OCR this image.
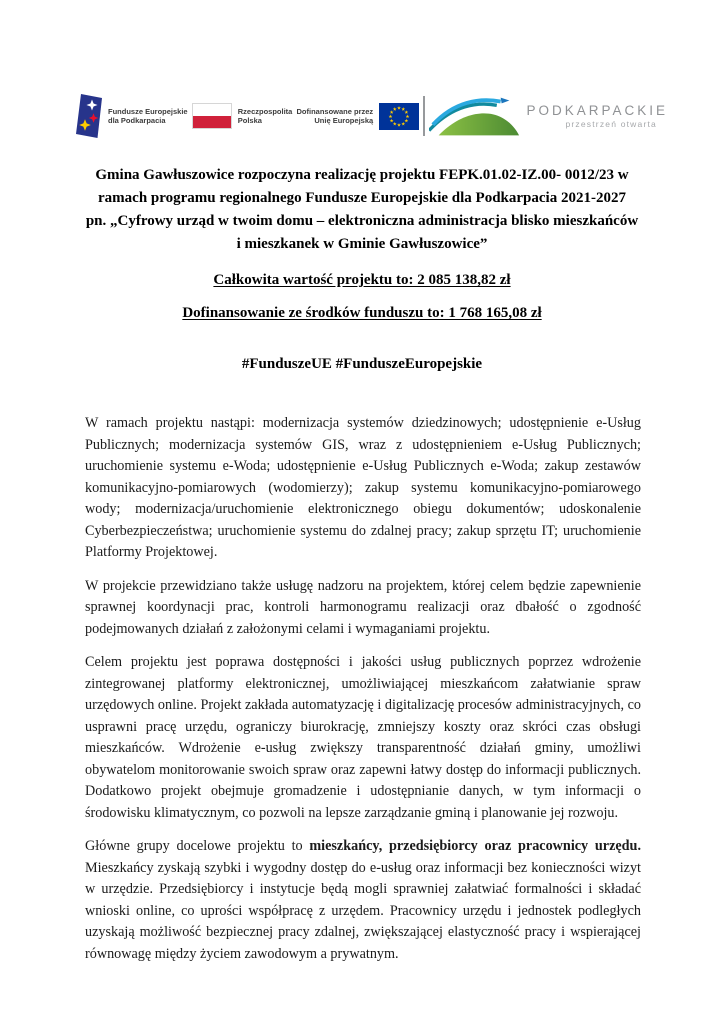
Fundusze Europejskie
dla Podkarpacia
Rzeczpospolita
Polska
Dofinansowane przez
Unię Europejską
PODKARPACKIE
przestrzeń otwarta
Gmina Gawłuszowice rozpoczyna realizację projektu FEPK.01.02-IZ.00- 0012/23 w
ramach programu regionalnego Fundusze Europejskie dla Podkarpacia 2021-2027
pn. „Cyfrowy urząd w twoim domu – elektroniczna administracja blisko mieszkańców
i mieszkanek w Gminie Gawłuszowice”

Całkowita wartość projektu to: 2 085 138,82 zł

Dofinansowanie ze środków funduszu to: 1 768 165,08 zł

#FunduszeUE #FunduszeEuropejskie

W ramach projektu nastąpi: modernizacja systemów dziedzinowych; udostępnienie e-Usług Publicznych; modernizacja systemów GIS, wraz z udostępnieniem e-Usług Publicznych; uruchomienie systemu e-Woda; udostępnienie e-Usług Publicznych e-Woda; zakup zestawów komunikacyjno-pomiarowych (wodomierzy); zakup systemu komunikacyjno-pomiarowego wody; modernizacja/uruchomienie elektronicznego obiegu dokumentów; udoskonalenie Cyberbezpieczeństwa; uruchomienie systemu do zdalnej pracy; zakup sprzętu IT; uruchomienie Platformy Projektowej.

W projekcie przewidziano także usługę nadzoru na projektem, której celem będzie zapewnienie sprawnej koordynacji prac, kontroli harmonogramu realizacji oraz dbałość o zgodność podejmowanych działań z założonymi celami i wymaganiami projektu.

Celem projektu jest poprawa dostępności i jakości usług publicznych poprzez wdrożenie zintegrowanej platformy elektronicznej, umożliwiającej mieszkańcom załatwianie spraw urzędowych online. Projekt zakłada automatyzację i digitalizację procesów administracyjnych, co usprawni pracę urzędu, ograniczy biurokrację, zmniejszy koszty oraz skróci czas obsługi mieszkańców. Wdrożenie e-usług zwiększy transparentność działań gminy, umożliwi obywatelom monitorowanie swoich spraw oraz zapewni łatwy dostęp do informacji publicznych. Dodatkowo projekt obejmuje gromadzenie i udostępnianie danych, w tym informacji o środowisku klimatycznym, co pozwoli na lepsze zarządzanie gminą i planowanie jej rozwoju.

Główne grupy docelowe projektu to mieszkańcy, przedsiębiorcy oraz pracownicy urzędu. Mieszkańcy zyskają szybki i wygodny dostęp do e-usług oraz informacji bez konieczności wizyt w urzędzie. Przedsiębiorcy i instytucje będą mogli sprawniej załatwiać formalności i składać wnioski online, co uprości współpracę z urzędem. Pracownicy urzędu i jednostek podległych uzyskają możliwość bezpiecznej pracy zdalnej, zwiększającej elastyczność pracy i wspierającej równowagę między życiem zawodowym a prywatnym.
